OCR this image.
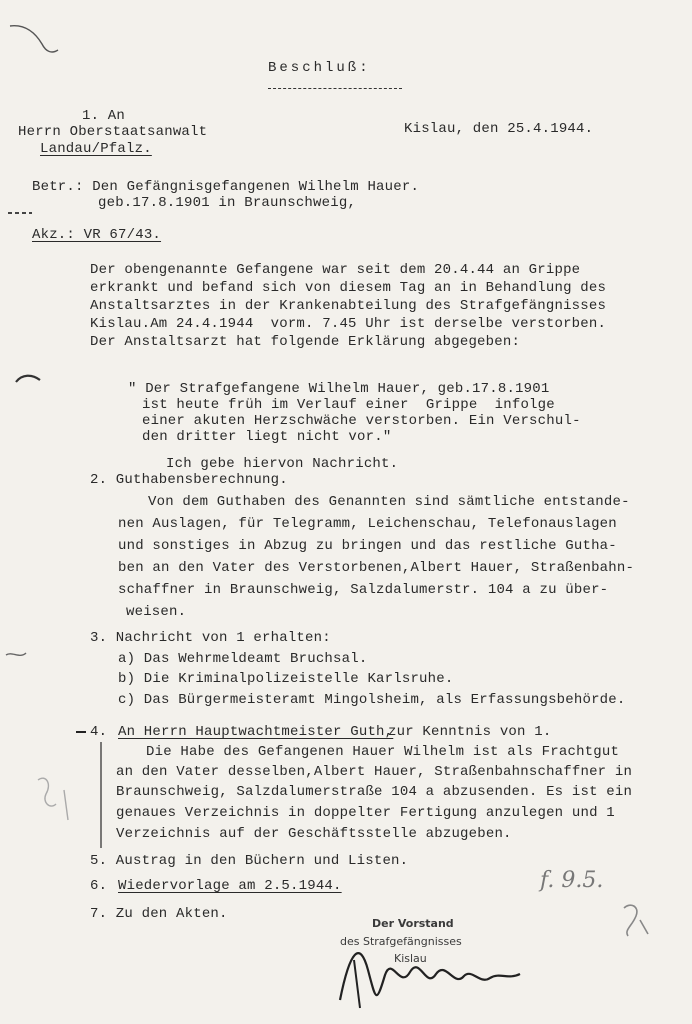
Beschluß:
1. An
Herrn Oberstaatsanwalt
Landau/Pfalz.
Kislau, den 25.4.1944.
Betr.: Den Gefängnisgefangenen Wilhelm Hauer.
geb.17.8.1901 in Braunschweig,
Akz.: VR 67/43.
Der obengenannte Gefangene war seit dem 20.4.44 an Grippe
erkrankt und befand sich von diesem Tag an in Behandlung des
Anstaltsarztes in der Krankenabteilung des Strafgefängnisses
Kislau.Am 24.4.1944  vorm. 7.45 Uhr ist derselbe verstorben.
Der Anstaltsarzt hat folgende Erklärung abgegeben:
" Der Strafgefangene Wilhelm Hauer, geb.17.8.1901
ist heute früh im Verlauf einer  Grippe  infolge
einer akuten Herzschwäche verstorben. Ein Verschul-
den dritter liegt nicht vor."
Ich gebe hiervon Nachricht.
2. Guthabensberechnung.
Von dem Guthaben des Genannten sind sämtliche entstande-
nen Auslagen, für Telegramm, Leichenschau, Telefonauslagen
und sonstiges in Abzug zu bringen und das restliche Gutha-
ben an den Vater des Verstorbenen,Albert Hauer, Straßenbahn-
schaffner in Braunschweig, Salzdalumerstr. 104 a zu über-
weisen.
3. Nachricht von 1 erhalten:
a) Das Wehrmeldeamt Bruchsal.
b) Die Kriminalpolizeistelle Karlsruhe.
c) Das Bürgermeisteramt Mingolsheim, als Erfassungsbehörde.
4. An Herrn Hauptwachtmeister Guth,
zur Kenntnis von 1.
Die Habe des Gefangenen Hauer Wilhelm ist als Frachtgut
an den Vater desselben,Albert Hauer, Straßenbahnschaffner in
Braunschweig, Salzdalumerstraße 104 a abzusenden. Es ist ein
genaues Verzeichnis in doppelter Fertigung anzulegen und 1
Verzeichnis auf der Geschäftsstelle abzugeben.
5. Austrag in den Büchern und Listen.
6. Wiedervorlage am 2.5.1944.
7. Zu den Akten.
Der Vorstand
des Strafgefängnisses
Kislau
f. 9.5.
